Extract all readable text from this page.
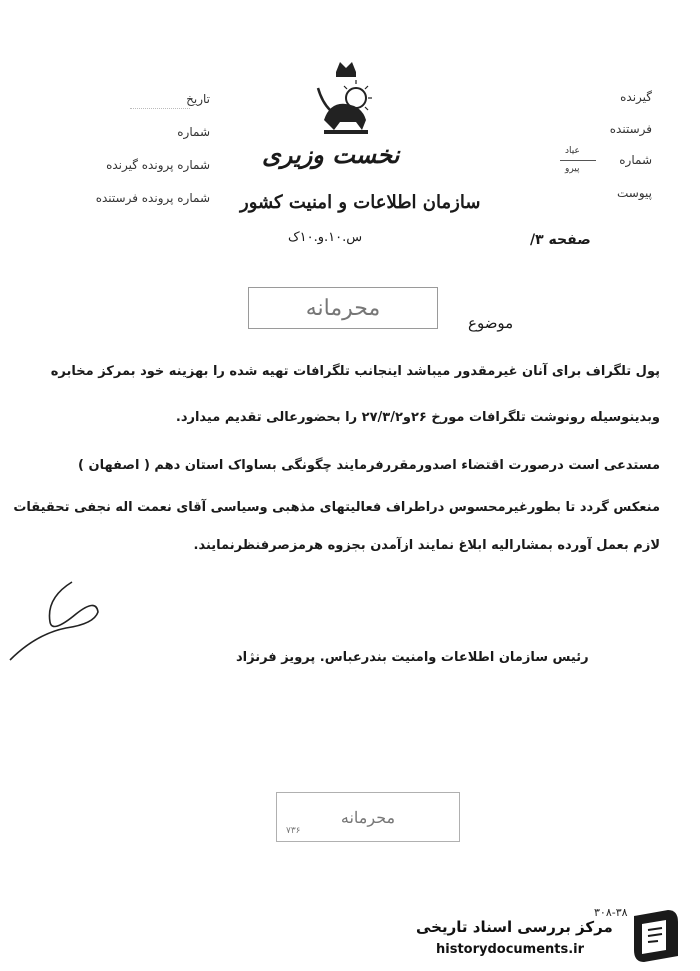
گیرنده
فرستنده
شماره
عیاد
پیرو
پیوست
تاریخ
شماره
شماره پرونده گیرنده
شماره پرونده فرستنده
نخست وزیری
سازمان اطلاعات و امنیت کشور
س.۱۰.و.۱۰ک	صفحه ۳/
محرمانه
موضوع
پول تلگراف برای آنان غیرمقدور میباشد اینجانب تلگرافات تهیه شده را بهزینه خود بمرکز مخابره
وبدینوسیله رونوشت تلگرافات مورخ ۲۶و۲۷/۳/۲ را بحضورعالی تقدیم میدارد.
مستدعی است درصورت اقتضاء اصدورمقررفرمایند چگونگی بساواک استان دهم ( اصفهان )
منعکس گردد تا بطورغیرمحسوس دراطراف فعالیتهای مذهبی وسیاسی آقای نعمت اله نجفی تحقیقات
لازم بعمل آورده بمشارالیه ابلاغ نمایند ازآمدن بجزوه هرمزصرفنظرنمایند.
رئیس سازمان اطلاعات وامنیت بندرعباس. پرویز فرنژاد
محرمانه
۷۳۶
۳۰۸-۳۸
مرکز بررسی اسناد تاریخی
historydocuments.ir
